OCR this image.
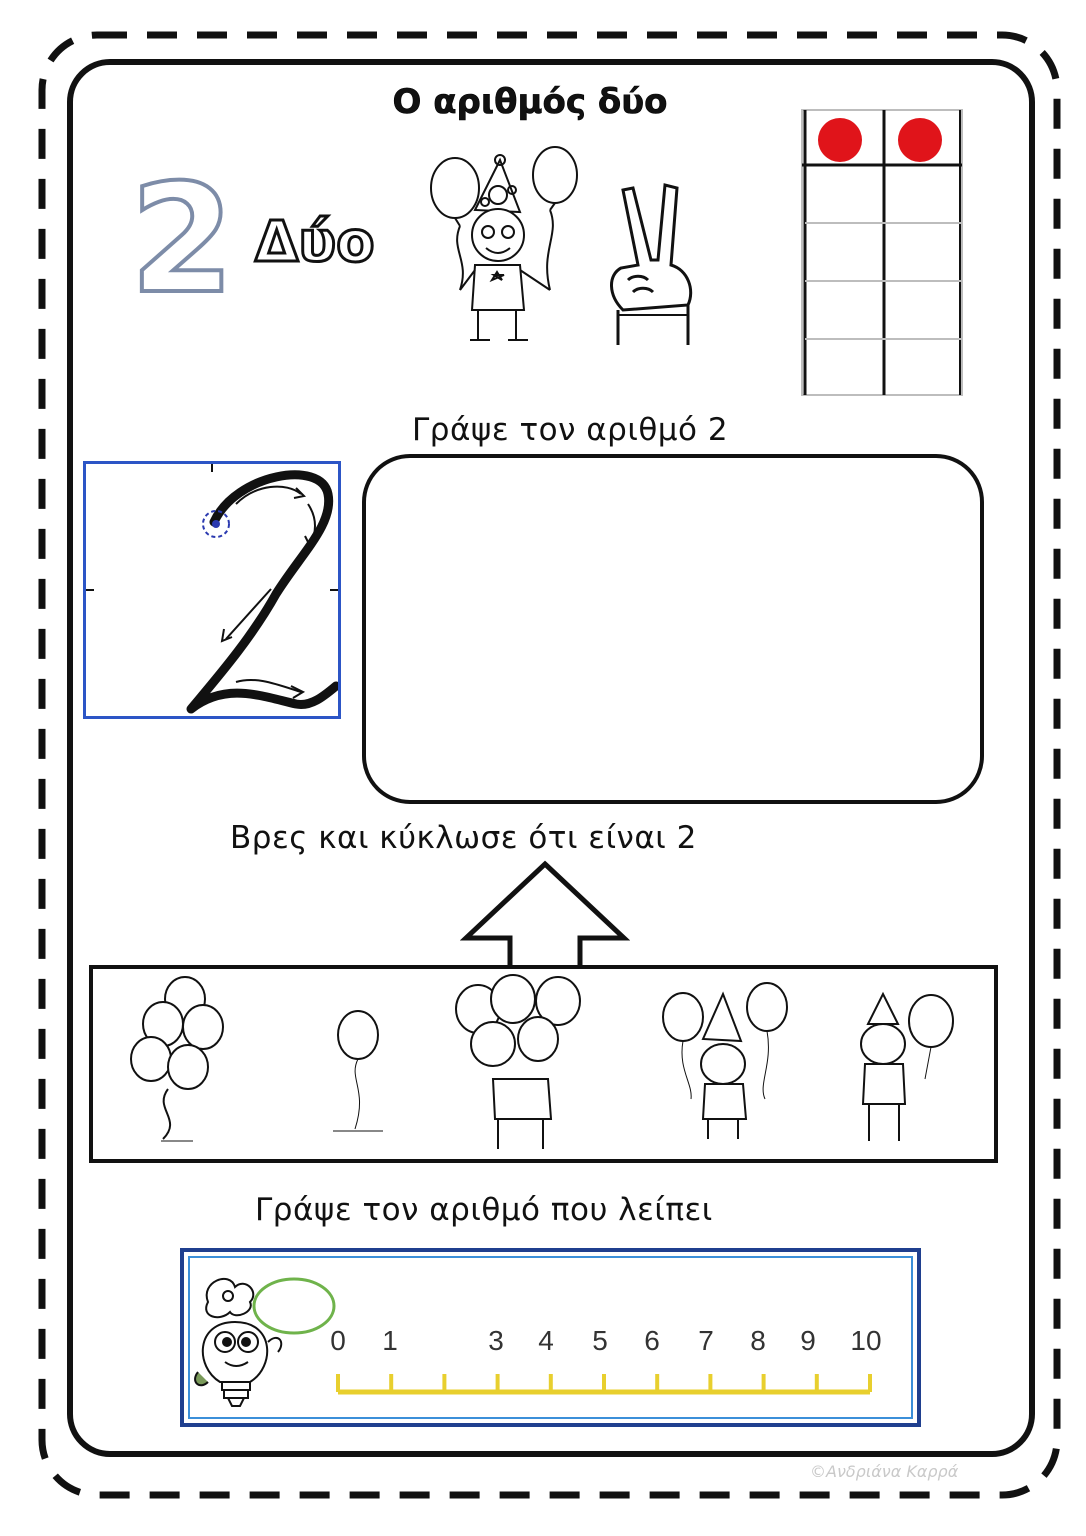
Ο αριθμός δύο
2 Δύο
Γράψε τον αριθμό 2
Βρες και κύκλωσε ότι είναι 2
Γράψε τον αριθμό που λείπει
0 1	3 4 5 6 7 8 9 10
©Ανδριάνα Καρρά
